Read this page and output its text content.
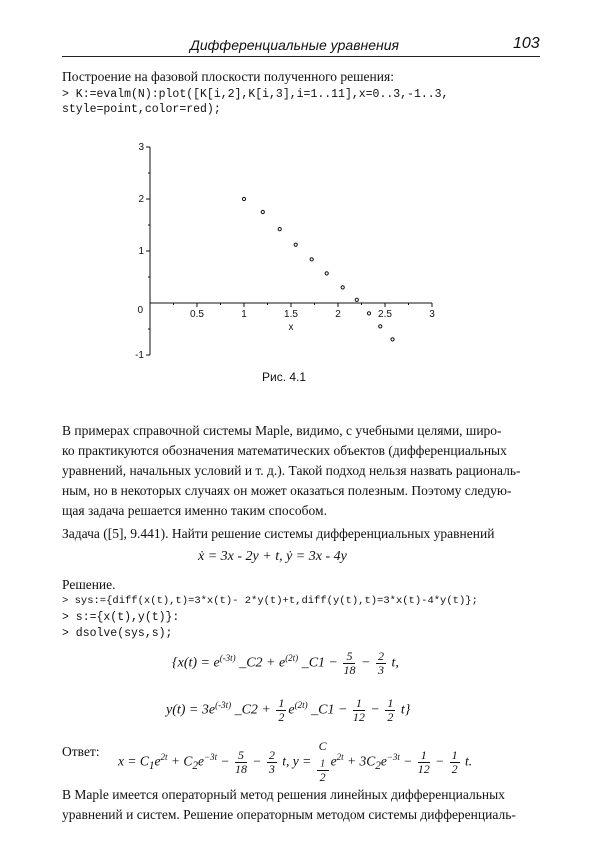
Дифференциальные уравнения	103
Построение на фазовой плоскости полученного решения:
> K:=evalm(N):plot([K[i,2],K[i,3],i=1..11],x=0..3,-1..3,
style=point,color=red);
0.5	1	1.5	2	2.5	3
0
x
-1
1
2
3
Рис. 4.1
В примерах справочной системы Maple, видимо, с учебными целями, широ-
ко практикуются обозначения математических объектов (дифференциальных
уравнений, начальных условий и т. д.). Такой подход нельзя назвать рациональ-
ным, но в некоторых случаях он может оказаться полезным. Поэтому следую-
щая задача решается именно таким способом.
Задача ([5], 9.441). Найти решение системы дифференциальных уравнений
ẋ = 3x - 2y + t, ẏ = 3x - 4y
Решение.
> sys:={diff(x(t),t)=3*x(t)- 2*y(t)+t,diff(y(t),t)=3*x(t)-4*y(t)};
> s:={x(t),y(t)}:
> dsolve(sys,s);
{$x(t) = e^{(-3t)}$ _C2 + $e^{(2t)}$ _C1 − $\frac{5}{18} - \frac{2}{3} t$,
$y(t) = 3e^{(-3t)}$ _C2 + $\frac{1}{2} e^{(2t)}$ _C1 − $\frac{1}{12} - \frac{1}{2} t$}
Ответ:
$x = C_1e^{2t} + C_2e^{-3t} - \frac{5}{18} - \frac{2}{3} t$, y = C
$_1$
2 $e^{2t} + 3C_2e^{-3t} - \frac{1}{12} - \frac{1}{2} t$.
В Maple имеется операторный метод решения линейных дифференциальных
уравнений и систем. Решение операторным методом системы дифференциаль-
